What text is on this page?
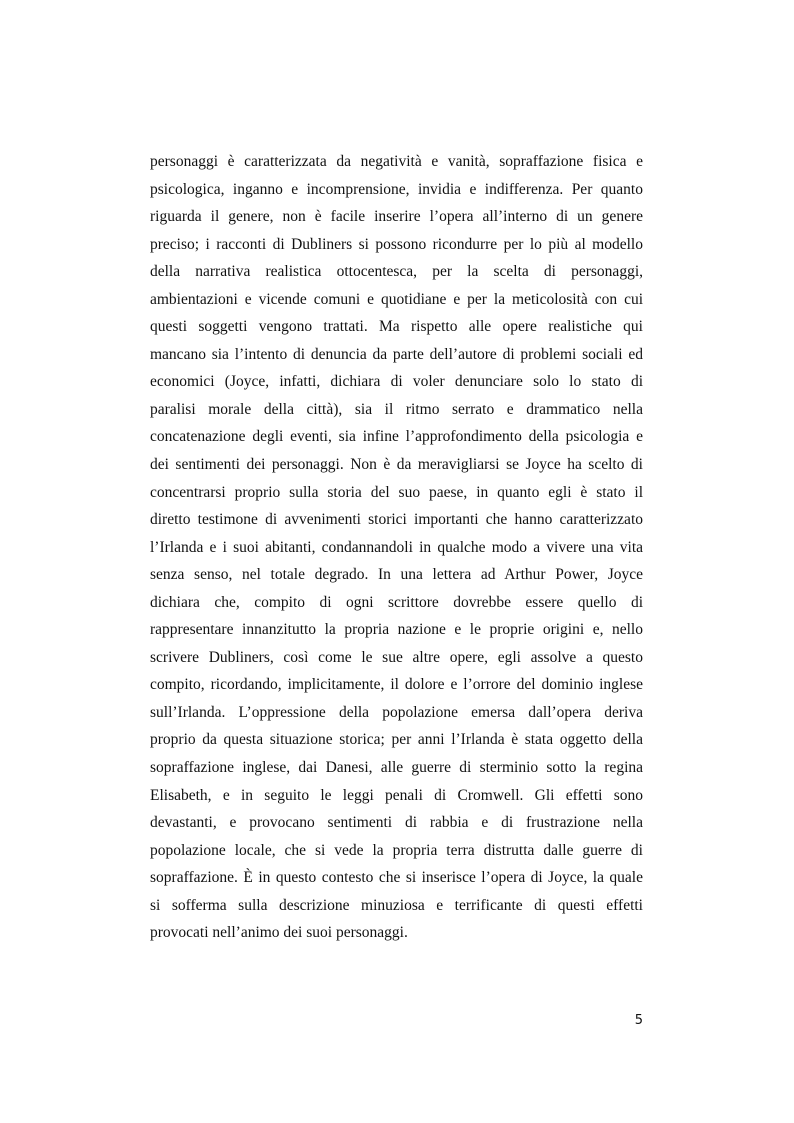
personaggi è caratterizzata da negatività e vanità, sopraffazione fisica e
psicologica, inganno e incomprensione, invidia e indifferenza. Per quanto
riguarda il genere, non è facile inserire l’opera all’interno di un genere
preciso; i racconti di Dubliners si possono ricondurre per lo più al modello
della narrativa realistica ottocentesca, per la scelta di personaggi,
ambientazioni e vicende comuni e quotidiane e per la meticolosità con cui
questi soggetti vengono trattati. Ma rispetto alle opere realistiche qui
mancano sia l’intento di denuncia da parte dell’autore di problemi sociali ed
economici (Joyce, infatti, dichiara di voler denunciare solo lo stato di
paralisi morale della città), sia il ritmo serrato e drammatico nella
concatenazione degli eventi, sia infine l’approfondimento della psicologia e
dei sentimenti dei personaggi. Non è da meravigliarsi se Joyce ha scelto di
concentrarsi proprio sulla storia del suo paese, in quanto egli è stato il
diretto testimone di avvenimenti storici importanti che hanno caratterizzato
l’Irlanda e i suoi abitanti, condannandoli in qualche modo a vivere una vita
senza senso, nel totale degrado. In una lettera ad Arthur Power, Joyce
dichiara che, compito di ogni scrittore dovrebbe essere quello di
rappresentare innanzitutto la propria nazione e le proprie origini e, nello
scrivere Dubliners, così come le sue altre opere, egli assolve a questo
compito, ricordando, implicitamente, il dolore e l’orrore del dominio inglese
sull’Irlanda. L’oppressione della popolazione emersa dall’opera deriva
proprio da questa situazione storica; per anni l’Irlanda è stata oggetto della
sopraffazione inglese, dai Danesi, alle guerre di sterminio sotto la regina
Elisabeth, e in seguito le leggi penali di Cromwell. Gli effetti sono
devastanti, e provocano sentimenti di rabbia e di frustrazione nella
popolazione locale, che si vede la propria terra distrutta dalle guerre di
sopraffazione. È in questo contesto che si inserisce l’opera di Joyce, la quale
si sofferma sulla descrizione minuziosa e terrificante di questi effetti
provocati nell’animo dei suoi personaggi.
5
